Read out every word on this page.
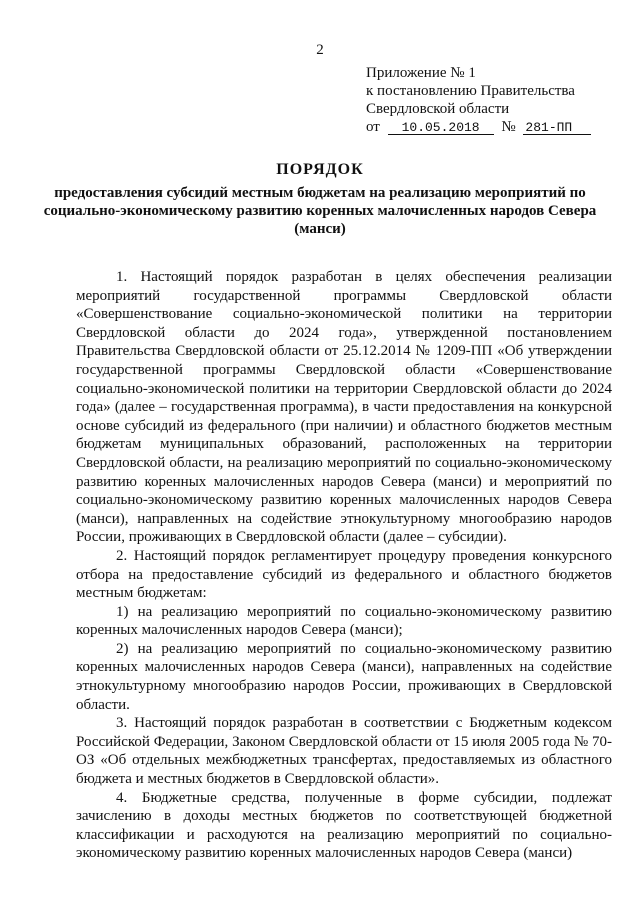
2
Приложение № 1
к постановлению Правительства
Свердловской области
от 10.05.2018 № 281-ПП
ПОРЯДОК
предоставления субсидий местным бюджетам на реализацию мероприятий по социально-экономическому развитию коренных малочисленных народов Севера (манси)

1. Настоящий порядок разработан в целях обеспечения реализации мероприятий государственной программы Свердловской области «Совершенствование социально-экономической политики на территории Свердловской области до 2024 года», утвержденной постановлением Правительства Свердловской области от 25.12.2014 № 1209-ПП «Об утверждении государственной программы Свердловской области «Совершенствование социально-экономической политики на территории Свердловской области до 2024 года» (далее – государственная программа), в части предоставления на конкурсной основе субсидий из федерального (при наличии) и областного бюджетов местным бюджетам муниципальных образований, расположенных на территории Свердловской области, на реализацию мероприятий по социально-экономическому развитию коренных малочисленных народов Севера (манси) и мероприятий по социально-экономическому развитию коренных малочисленных народов Севера (манси), направленных на содействие этнокультурному многообразию народов России, проживающих в Свердловской области (далее – субсидии).

2. Настоящий порядок регламентирует процедуру проведения конкурсного отбора на предоставление субсидий из федерального и областного бюджетов местным бюджетам:

1) на реализацию мероприятий по социально-экономическому развитию коренных малочисленных народов Севера (манси);

2) на реализацию мероприятий по социально-экономическому развитию коренных малочисленных народов Севера (манси), направленных на содействие этнокультурному многообразию народов России, проживающих в Свердловской области.

3. Настоящий порядок разработан в соответствии с Бюджетным кодексом Российской Федерации, Законом Свердловской области от 15 июля 2005 года № 70-ОЗ «Об отдельных межбюджетных трансфертах, предоставляемых из областного бюджета и местных бюджетов в Свердловской области».

4. Бюджетные средства, полученные в форме субсидии, подлежат зачислению в доходы местных бюджетов по соответствующей бюджетной классификации и расходуются на реализацию мероприятий по социально-экономическому развитию коренных малочисленных народов Севера (манси)
